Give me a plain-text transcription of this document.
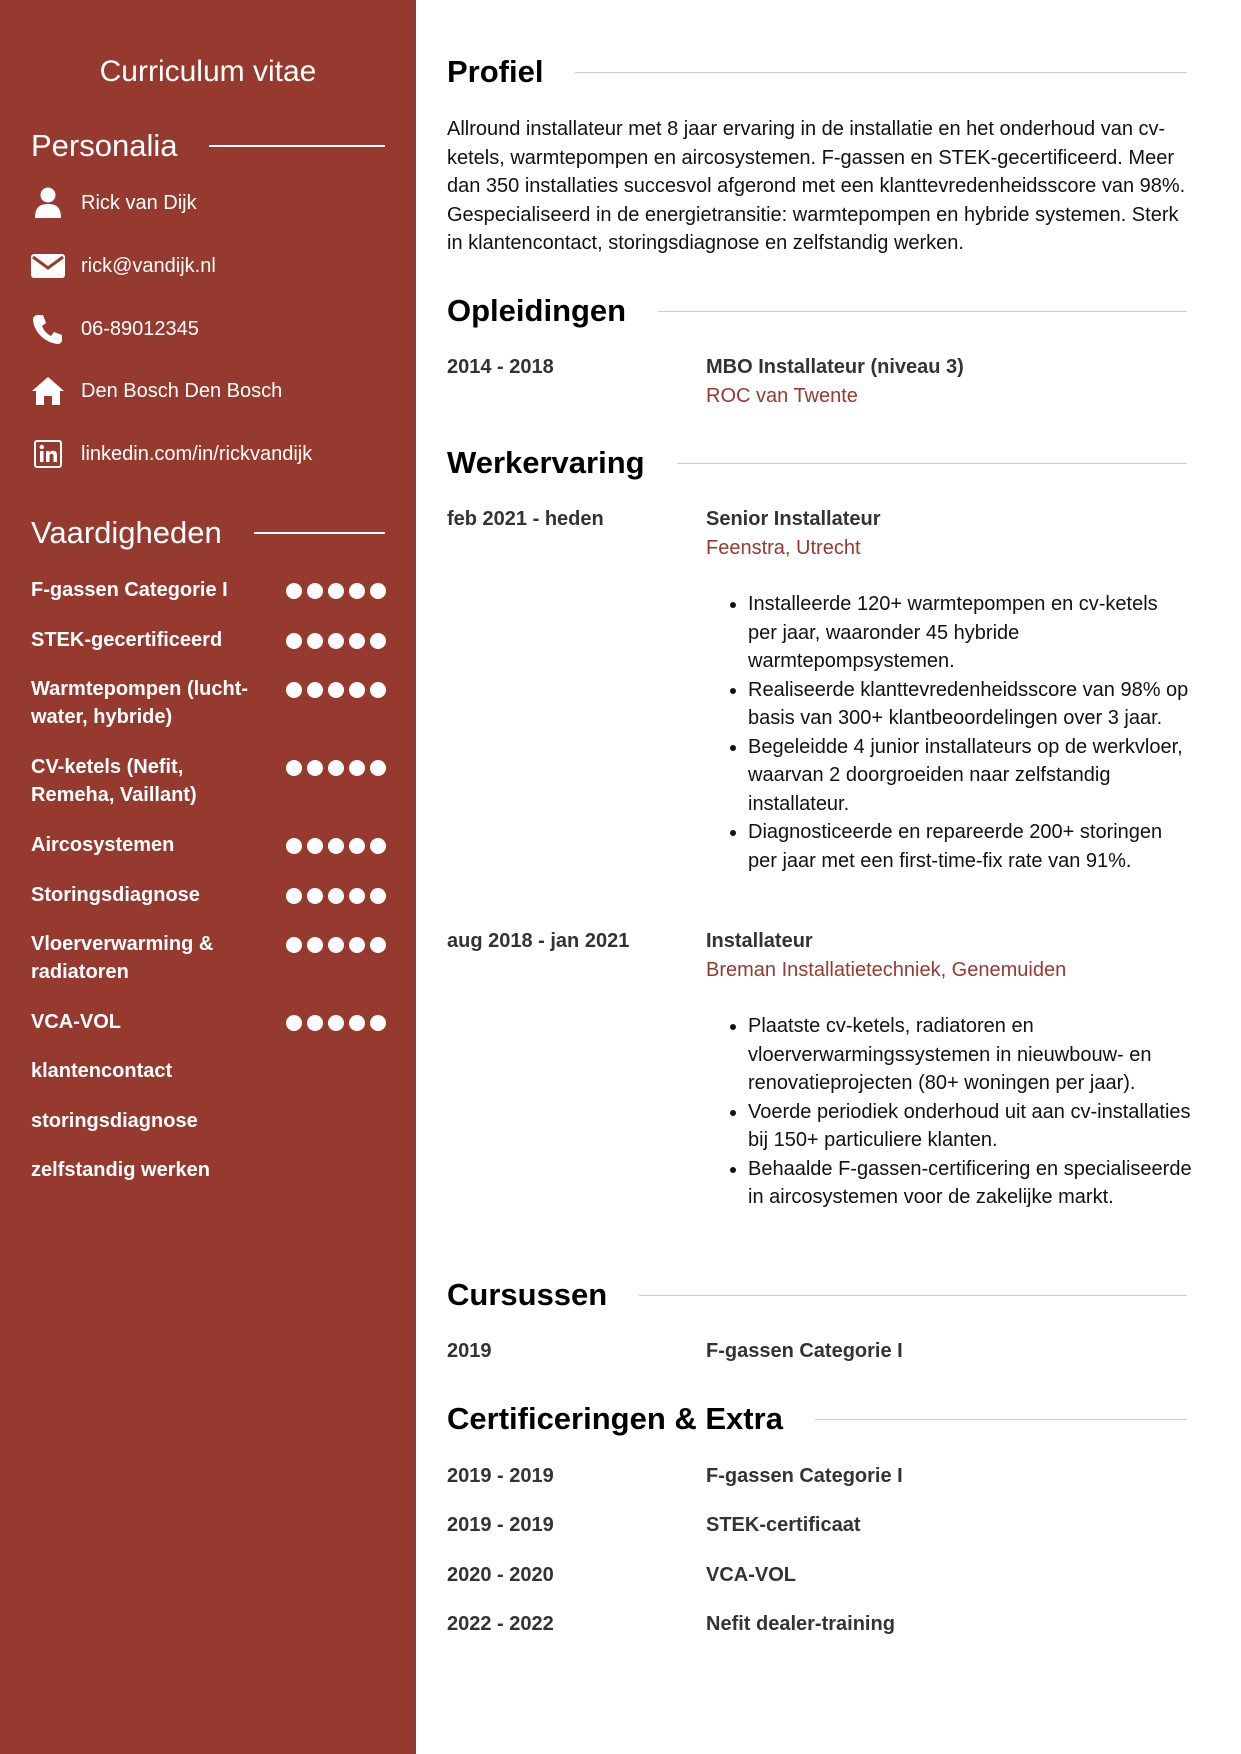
Curriculum vitae
Personalia
Rick van Dijk
rick@vandijk.nl
06-89012345
Den Bosch Den Bosch
linkedin.com/in/rickvandijk
Vaardigheden
F-gassen Categorie I
STEK-gecertificeerd
Warmtepompen (lucht-water, hybride)
CV-ketels (Nefit, Remeha, Vaillant)
Aircosystemen
Storingsdiagnose
Vloerverwarming & radiatoren
VCA-VOL
klantencontact
storingsdiagnose
zelfstandig werken
Profiel

Allround installateur met 8 jaar ervaring in de installatie en het onderhoud van cv-ketels, warmtepompen en aircosystemen. F-gassen en STEK-gecertificeerd. Meer dan 350 installaties succesvol afgerond met een klanttevredenheidsscore van 98%. Gespecialiseerd in de energietransitie: warmtepompen en hybride systemen. Sterk in klantencontact, storingsdiagnose en zelfstandig werken.

Opleidingen
2014 - 2018	MBO Installateur (niveau 3)
ROC van Twente
Werkervaring
feb 2021 - heden	Senior Installateur
Feenstra, Utrecht
• Installeerde 120+ warmtepompen en cv-ketels per jaar, waaronder 45 hybride warmtepompsystemen.
• Realiseerde klanttevredenheidsscore van 98% op basis van 300+ klantbeoordelingen over 3 jaar.
• Begeleidde 4 junior installateurs op de werkvloer, waarvan 2 doorgroeiden naar zelfstandig installateur.
• Diagnosticeerde en repareerde 200+ storingen per jaar met een first-time-fix rate van 91%.
aug 2018 - jan 2021	Installateur
Breman Installatietechniek, Genemuiden
• Plaatste cv-ketels, radiatoren en vloerverwarmingssystemen in nieuwbouw- en renovatieprojecten (80+ woningen per jaar).
• Voerde periodiek onderhoud uit aan cv-installaties bij 150+ particuliere klanten.
• Behaalde F-gassen-certificering en specialiseerde in aircosystemen voor de zakelijke markt.
Cursussen
2019	F-gassen Categorie I
Certificeringen & Extra
2019 - 2019	F-gassen Categorie I
2019 - 2019	STEK-certificaat
2020 - 2020	VCA-VOL
2022 - 2022	Nefit dealer-training
